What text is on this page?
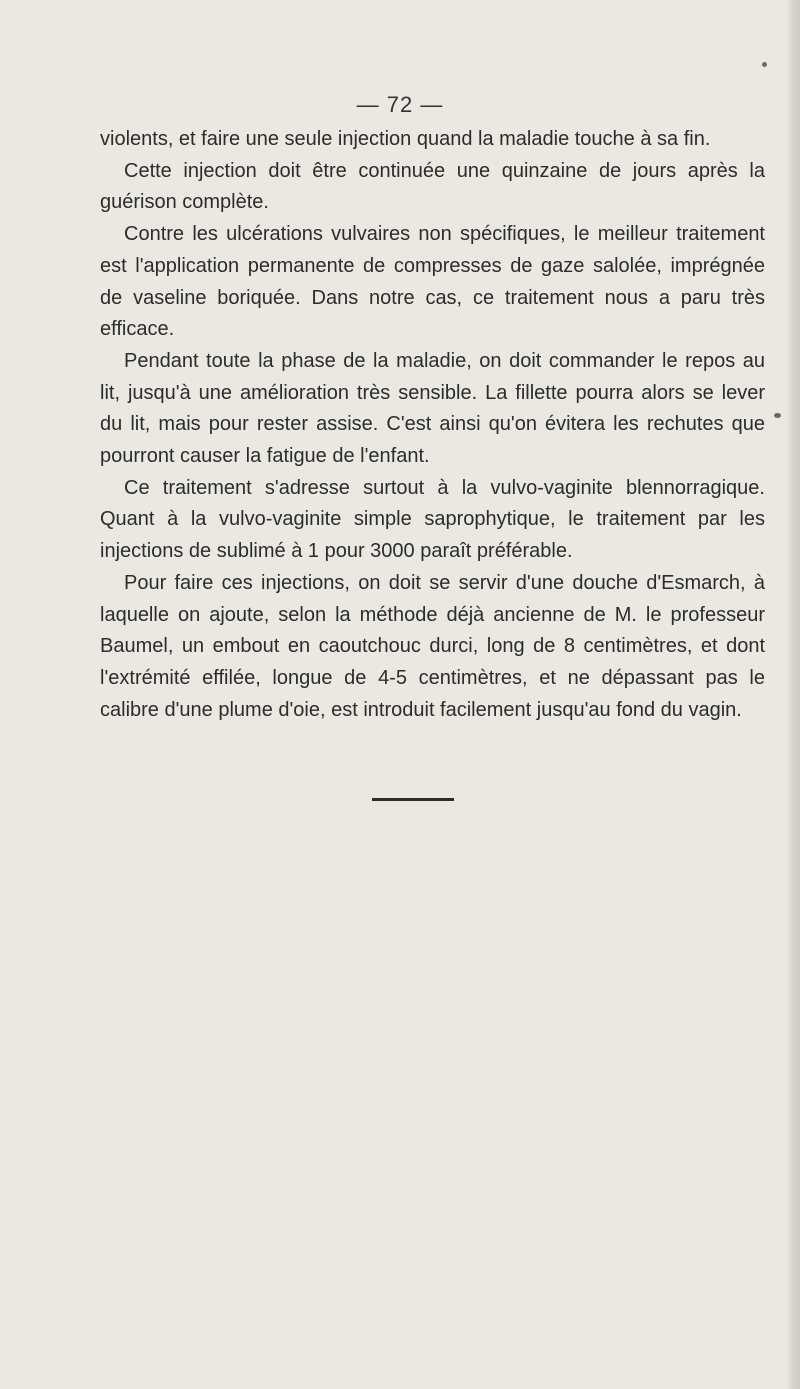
— 72 —

violents, et faire une seule injection quand la maladie touche à sa fin.

Cette injection doit être continuée une quinzaine de jours après la guérison complète.

Contre les ulcérations vulvaires non spécifiques, le meilleur traitement est l'application permanente de compresses de gaze salolée, imprégnée de vaseline boriquée. Dans notre cas, ce traitement nous a paru très efficace.

Pendant toute la phase de la maladie, on doit commander le repos au lit, jusqu'à une amélioration très sensible. La fillette pourra alors se lever du lit, mais pour rester assise. C'est ainsi qu'on évitera les rechutes que pourront causer la fatigue de l'enfant.

Ce traitement s'adresse surtout à la vulvo-vaginite blennorragique. Quant à la vulvo-vaginite simple saprophytique, le traitement par les injections de sublimé à 1 pour 3000 paraît préférable.

Pour faire ces injections, on doit se servir d'une douche d'Esmarch, à laquelle on ajoute, selon la méthode déjà ancienne de M. le professeur Baumel, un embout en caoutchouc durci, long de 8 centimètres, et dont l'extrémité effilée, longue de 4-5 centimètres, et ne dépassant pas le calibre d'une plume d'oie, est introduit facilement jusqu'au fond du vagin.
